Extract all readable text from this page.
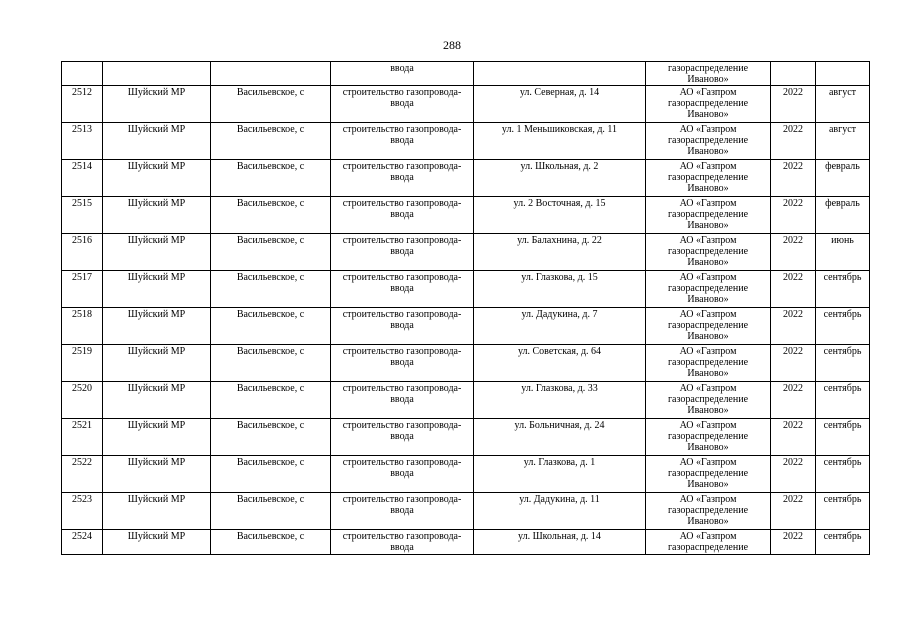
288
			ввода		газораспределение Иваново»		
2512	Шуйский МР	Васильевское, с	строительство газопровода-ввода	ул. Северная, д. 14	АО «Газпром газораспределение Иваново»	2022	август
2513	Шуйский МР	Васильевское, с	строительство газопровода-ввода	ул. 1 Меньшиковская, д. 11	АО «Газпром газораспределение Иваново»	2022	август
2514	Шуйский МР	Васильевское, с	строительство газопровода-ввода	ул. Школьная, д. 2	АО «Газпром газораспределение Иваново»	2022	февраль
2515	Шуйский МР	Васильевское, с	строительство газопровода-ввода	ул. 2 Восточная, д. 15	АО «Газпром газораспределение Иваново»	2022	февраль
2516	Шуйский МР	Васильевское, с	строительство газопровода-ввода	ул. Балахнина, д. 22	АО «Газпром газораспределение Иваново»	2022	июнь
2517	Шуйский МР	Васильевское, с	строительство газопровода-ввода	ул. Глазкова, д. 15	АО «Газпром газораспределение Иваново»	2022	сентябрь
2518	Шуйский МР	Васильевское, с	строительство газопровода-ввода	ул. Дадукина, д. 7	АО «Газпром газораспределение Иваново»	2022	сентябрь
2519	Шуйский МР	Васильевское, с	строительство газопровода-ввода	ул. Советская, д. 64	АО «Газпром газораспределение Иваново»	2022	сентябрь
2520	Шуйский МР	Васильевское, с	строительство газопровода-ввода	ул. Глазкова, д. 33	АО «Газпром газораспределение Иваново»	2022	сентябрь
2521	Шуйский МР	Васильевское, с	строительство газопровода-ввода	ул. Больничная, д. 24	АО «Газпром газораспределение Иваново»	2022	сентябрь
2522	Шуйский МР	Васильевское, с	строительство газопровода-ввода	ул. Глазкова, д. 1	АО «Газпром газораспределение Иваново»	2022	сентябрь
2523	Шуйский МР	Васильевское, с	строительство газопровода-ввода	ул. Дадукина, д. 11	АО «Газпром газораспределение Иваново»	2022	сентябрь
2524	Шуйский МР	Васильевское, с	строительство газопровода-ввода	ул. Школьная, д. 14	АО «Газпром газораспределение	2022	сентябрь
